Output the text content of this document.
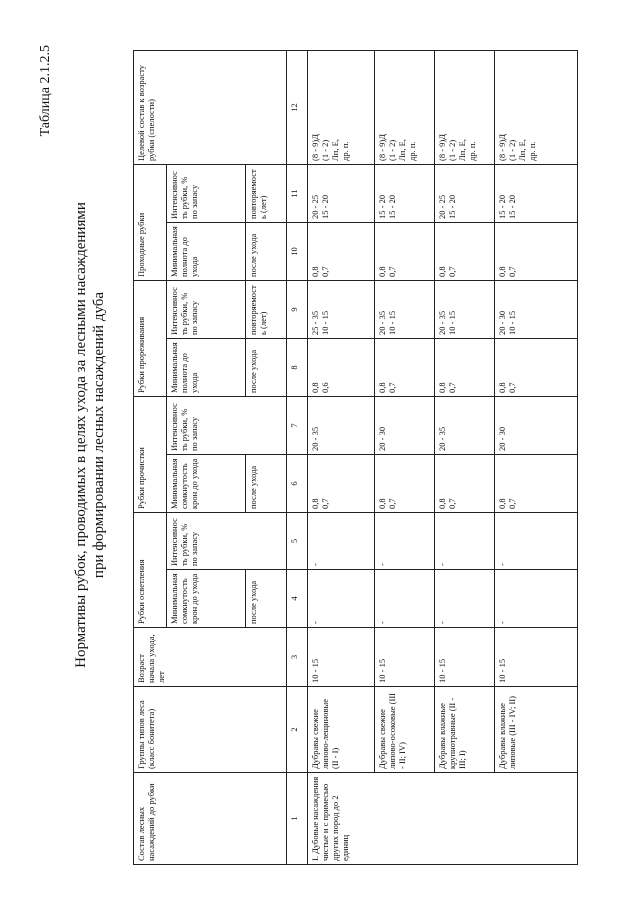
Таблица 2.1.2.5
Нормативы рубок, проводимых в целях ухода за лесными насаждениями при формировании лесных насаждений дуба
Состав лесных насаждений до рубки	Группы типов леса (класс бонитета)	Возраст начала ухода, лет	Рубки осветления		Рубки прочистки		Рубки прореживания		Проходные рубки		Целевой состав к возрасту рубки (спелости)
			Минимальная сомкнутость крон до ухода	Интенсивность рубки, % по запасу	Минимальная сомкнутость крон до ухода	Интенсивность рубки, % по запасу	Минимальная полнота до ухода	Интенсивность рубки, % по запасу	Минимальная полнота до ухода	Интенсивность рубки, % по запасу	
			после ухода		после ухода		после ухода	повторяемость (лет)	после ухода	повторяемость (лет)	
1	2	3	4	5	6	7	8	9	10	11	12
I. Дубовые насаждения чистые и с примесью других пород до 2 единиц	Дубравы свежие липово-лещиновые (II - I)	10 - 15	-	-	0,8 0,7	20 - 35	0,8 0,6	25 - 35 10 - 15	0,8 0,7	20 - 25 15 - 20	(8 - 9)Д (1 - 2) Лп, Е, др. п.

	Дубравы свежие липово-осоковые (III - II; IV)	10 - 15	-	-	0,8 0,7	20 - 30	0,8 0,7	20 - 35 10 - 15	0,8 0,7	15 - 20 15 - 20	(8 - 9)Д (1 - 2) Лп, Е, др. п.

	Дубравы влажные крупнотравные (II - III; I)	10 - 15	-	-	0,8 0,7	20 - 35	0,8 0,7	20 - 35 10 - 15	0,8 0,7	20 - 25 15 - 20	(8 - 9)Д (1 - 2) Лп, Е, др. п.

	Дубравы влажные липовые (III - IV; II)	10 - 15	-	-	0,8 0,7	20 - 30	0,8 0,7	20 - 30 10 - 15	0,8 0,7	15 - 20 15 - 20	(8 - 9)Д (1 - 2) Лп, Е, др. п.
